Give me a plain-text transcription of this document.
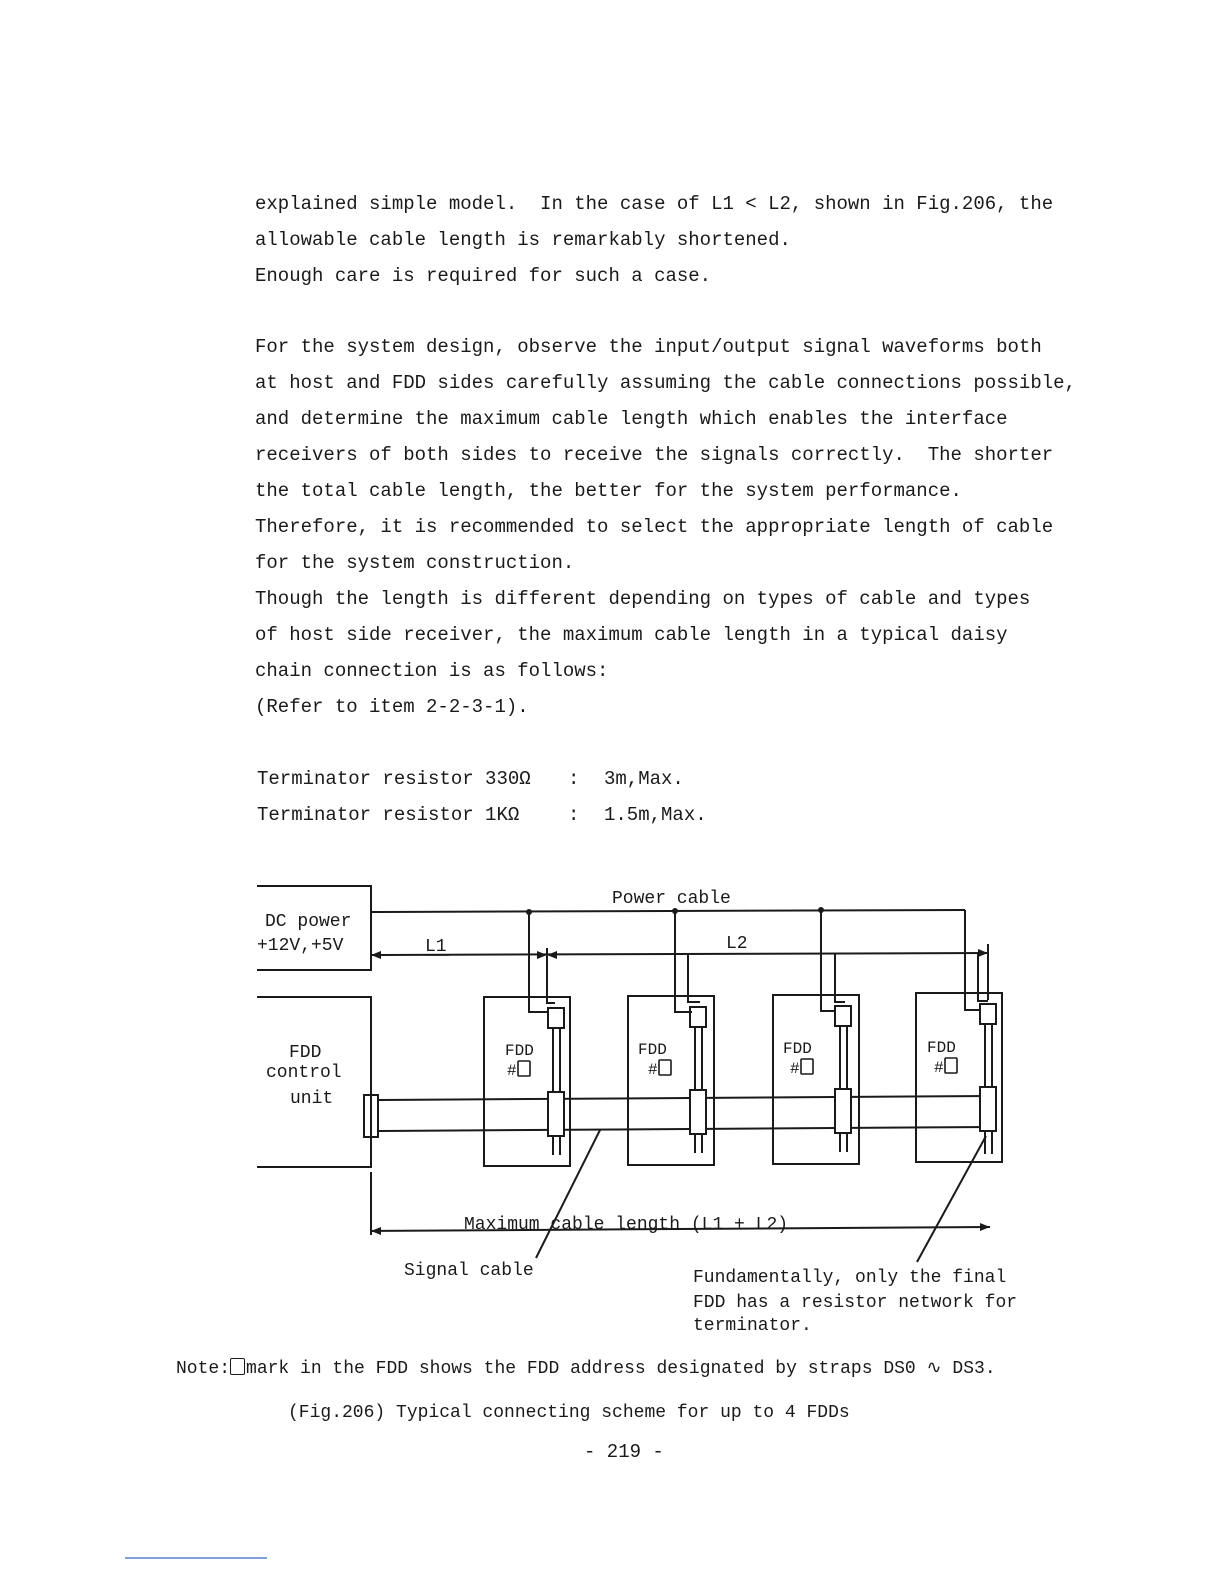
explained simple model.  In the case of L1 < L2, shown in Fig.206, the
allowable cable length is remarkably shortened.
Enough care is required for such a case.
For the system design, observe the input/output signal waveforms both
at host and FDD sides carefully assuming the cable connections possible,
and determine the maximum cable length which enables the interface
receivers of both sides to receive the signals correctly.  The shorter
the total cable length, the better for the system performance.
Therefore, it is recommended to select the appropriate length of cable
for the system construction.
Though the length is different depending on types of cable and types
of host side receiver, the maximum cable length in a typical daisy
chain connection is as follows:
(Refer to item 2-2-3-1).
Terminator resistor 330Ω : 3m,Max.
Terminator resistor 1KΩ	: 1.5m,Max.
Power cable
DC power
+12V,+5V	L1	L2
FDD
control
unit
FDD
#
FDD
#
FDD
#
FDD
#
Maximum cable length (L1 + L2)
Signal cable	Fundamentally, only the final
FDD has a resistor network for
terminator.
Note: mark in the FDD shows the FDD address designated by straps DS0 ∿ DS3.
(Fig.206) Typical connecting scheme for up to 4 FDDs
- 219 -
